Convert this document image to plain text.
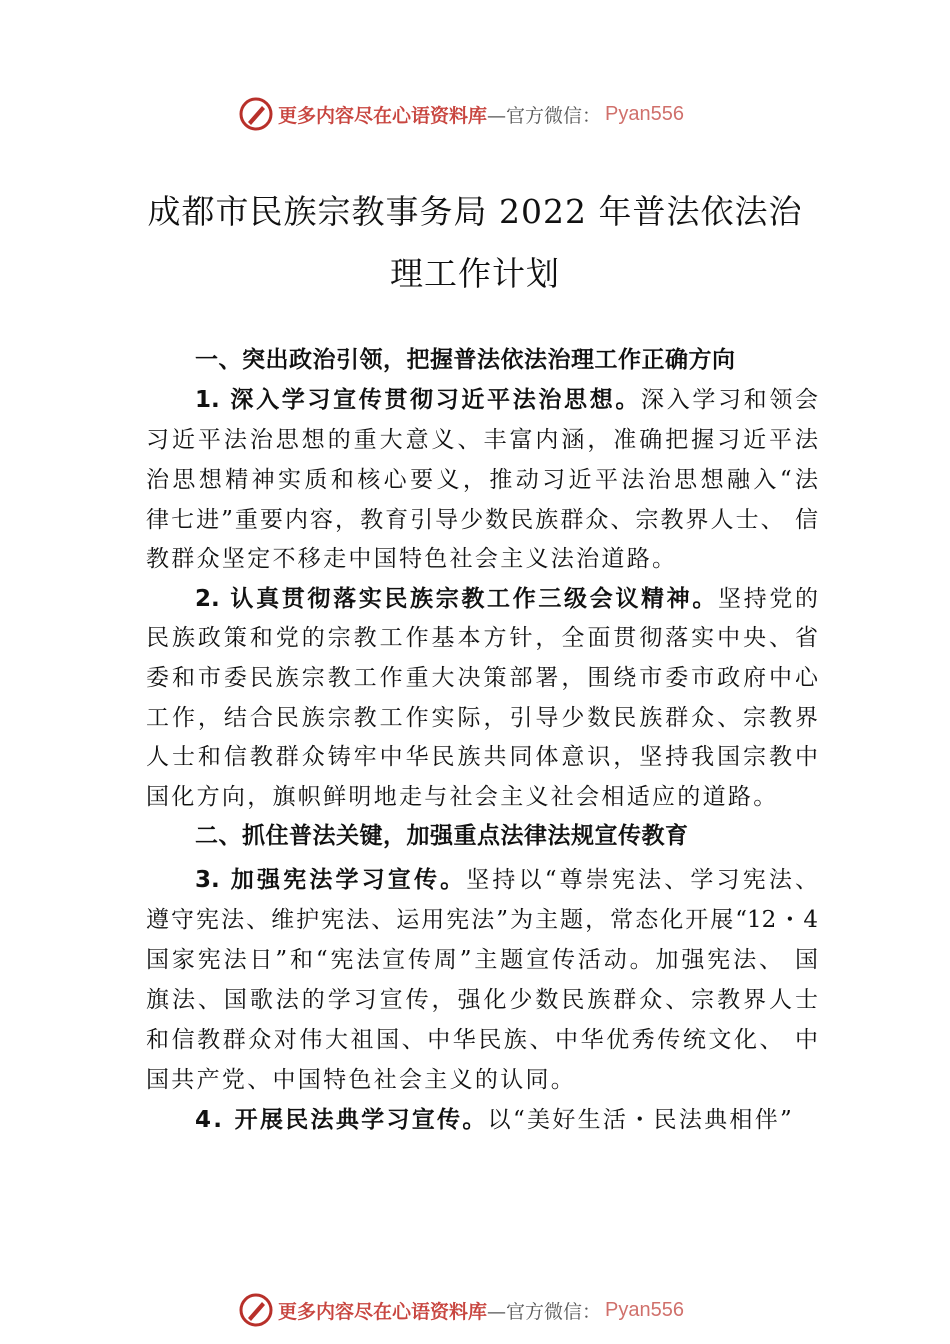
更多内容尽在心语资料库 —官方微信： Pyan556
成都市民族宗教事务局 2022 年普法依法治
理工作计划
一、突出政治引领，把握普法依法治理工作正确方向
1. 深入学习宣传贯彻习近平法治思想。深入学习和领会
习近平法治思想的重大意义、丰富内涵，准确把握习近平法
治思想精神实质和核心要义，推动习近平法治思想融入“法
律七进”重要内容，教育引导少数民族群众、宗教界人士、 信
教群众坚定不移走中国特色社会主义法治道路。
2. 认真贯彻落实民族宗教工作三级会议精神。坚持党的
民族政策和党的宗教工作基本方针，全面贯彻落实中央、省
委和市委民族宗教工作重大决策部署，围绕市委市政府中心
工作，结合民族宗教工作实际，引导少数民族群众、宗教界
人士和信教群众铸牢中华民族共同体意识，坚持我国宗教中
国化方向，旗帜鲜明地走与社会主义社会相适应的道路。
二、抓住普法关键，加强重点法律法规宣传教育
3. 加强宪法学习宣传。坚持以“尊崇宪法、学习宪法、
遵守宪法、维护宪法、运用宪法”为主题，常态化开展“12・4
国家宪法日”和“宪法宣传周”主题宣传活动。加强宪法、 国
旗法、国歌法的学习宣传，强化少数民族群众、宗教界人士
和信教群众对伟大祖国、中华民族、中华优秀传统文化、 中
国共产党、中国特色社会主义的认同。
4. 开展民法典学习宣传。以“美好生活・民法典相伴”
更多内容尽在心语资料库 —官方微信： Pyan556
